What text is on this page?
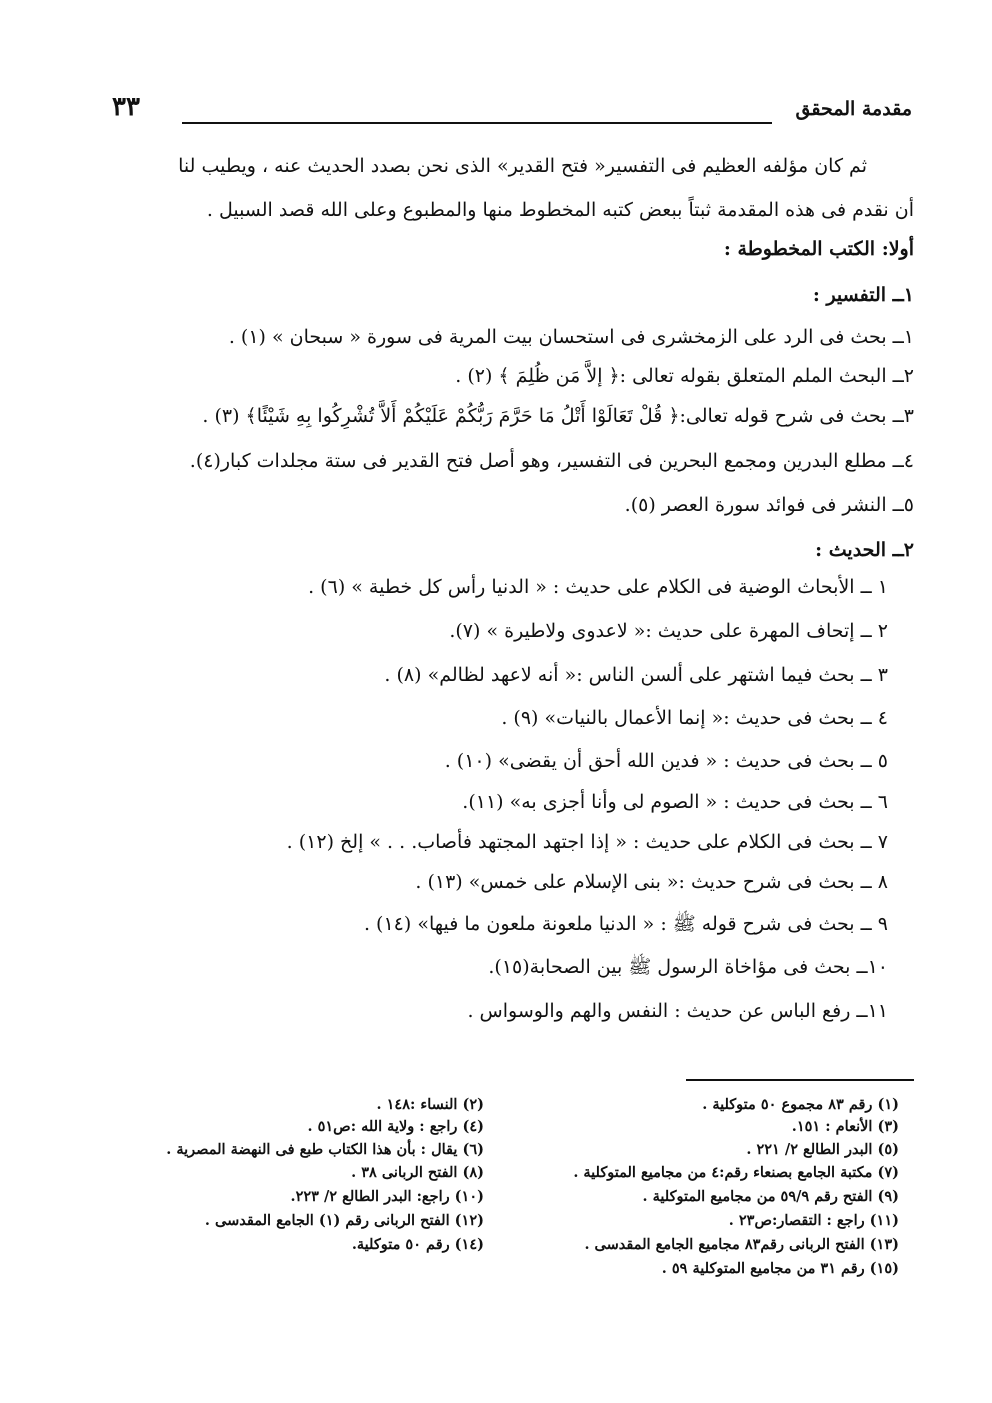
مقدمة المحقق
٣٣
ثم كان مؤلفه العظيم فى التفسير« فتح القدير» الذى نحن بصدد الحديث عنه ، ويطيب لنا
أن نقدم فى هذه المقدمة ثبتاً ببعض كتبه المخطوط منها والمطبوع وعلى الله قصد السبيل .
أولا: الكتب المخطوطة :
١ــ التفسير :
١ــ بحث فى الرد على الزمخشرى فى استحسان بيت المرية فى سورة « سبحان » (١) .
٢ــ البحث الملم المتعلق بقوله تعالى :﴿ إلاَّ مَن ظُلِمَ ﴾ (٢) .
٣ــ بحث فى شرح قوله تعالى:﴿ قُلْ تَعَالَوْا أَتْلُ مَا حَرَّمَ رَبُّكُمْ عَلَيْكُمْ أَلاَّ تُشْرِكُوا بِهِ شَيْئًا﴾ (٣) .
٤ــ مطلع البدرين ومجمع البحرين فى التفسير، وهو أصل فتح القدير فى ستة مجلدات كبار(٤).
٥ــ النشر فى فوائد سورة العصر (٥).
٢ــ الحديث :
١ ــ الأبحاث الوضية فى الكلام على حديث : « الدنيا رأس كل خطية » (٦) .
٢ ــ إتحاف المهرة على حديث :« لاعدوى ولاطيرة » (٧).
٣ ــ بحث فيما اشتهر على ألسن الناس :« أنه لاعهد لظالم» (٨) .
٤ ــ بحث فى حديث :« إنما الأعمال بالنيات» (٩) .
٥ ــ بحث فى حديث : « فدين الله أحق أن يقضى» (١٠) .
٦ ــ بحث فى حديث : « الصوم لى وأنا أجزى به» (١١).
٧ ــ بحث فى الكلام على حديث : « إذا اجتهد المجتهد فأصاب. . . » إلخ (١٢) .
٨ ــ بحث فى شرح حديث :« بنى الإسلام على خمس» (١٣) .
٩ ــ بحث فى شرح قوله ﷺ : « الدنيا ملعونة ملعون ما فيها» (١٤) .
١٠ــ بحث فى مؤاخاة الرسول ﷺ بين الصحابة(١٥).
١١ــ رفع الباس عن حديث : النفس والهم والوسواس .
(١) رقم ٨٣ مجموع ٥٠ متوكلية .
(٣) الأنعام : ١٥١.
(٥) البدر الطالع ٢/ ٢٢١ .
(٧) مكتبة الجامع بصنعاء رقم:٤ من مجاميع المتوكلية .
(٩) الفتح رقم ٥٩/٩ من مجاميع المتوكلية .
(١١) راجع : التقصار:ص٢٣ .
(١٣) الفتح الربانى رقم٨٣ مجاميع الجامع المقدسى .
(١٥) رقم ٣١ من مجاميع المتوكلية ٥٩ .
(٢) النساء :١٤٨ .
(٤) راجع : ولاية الله :ص٥١ .
(٦) يقال : بأن هذا الكتاب طبع فى النهضة المصرية .
(٨) الفتح الربانى ٣٨ .
(١٠) راجع: البدر الطالع ٢/ ٢٢٣.
(١٢) الفتح الربانى رقم (١) الجامع المقدسى .
(١٤) رقم ٥٠ متوكلية.
